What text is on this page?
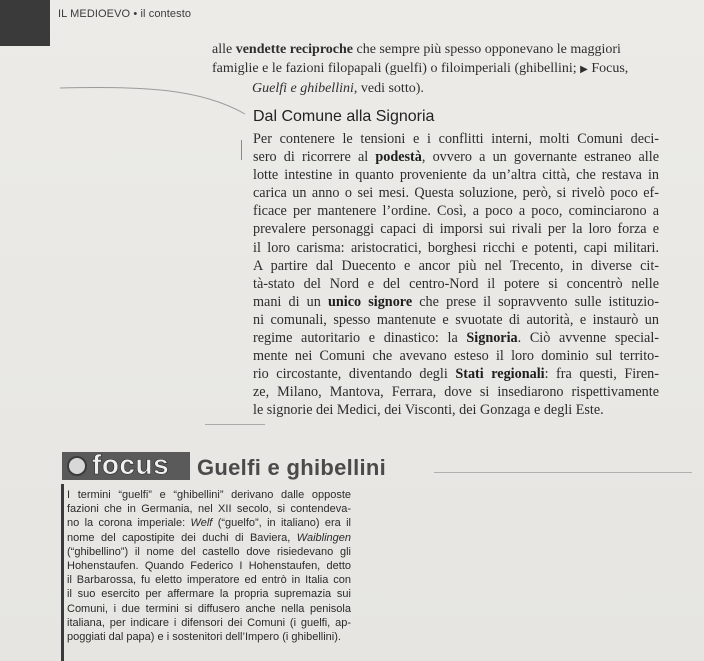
IL MEDIOEVO • il contesto
alle vendette reciproche che sempre più spesso opponevano le maggiori
famiglie e le fazioni filopapali (guelfi) o filoimperiali (ghibellini; ▶ Focus,
Guelfi e ghibellini, vedi sotto).
Dal Comune alla Signoria
Per contenere le tensioni e i conflitti interni, molti Comuni deci-
sero di ricorrere al podestà, ovvero a un governante estraneo alle
lotte intestine in quanto proveniente da un’altra città, che restava in
carica un anno o sei mesi. Questa soluzione, però, si rivelò poco ef-
ficace per mantenere l’ordine. Così, a poco a poco, cominciarono a
prevalere personaggi capaci di imporsi sui rivali per la loro forza e
il loro carisma: aristocratici, borghesi ricchi e potenti, capi militari.
A partire dal Duecento e ancor più nel Trecento, in diverse cit-
tà-stato del Nord e del centro-Nord il potere si concentrò nelle
mani di un unico signore che prese il sopravvento sulle istituzio-
ni comunali, spesso mantenute e svuotate di autorità, e instaurò un
regime autoritario e dinastico: la Signoria. Ciò avvenne special-
mente nei Comuni che avevano esteso il loro dominio sul territo-
rio circostante, diventando degli Stati regionali: fra questi, Firen-
ze, Milano, Mantova, Ferrara, dove si insediarono rispettivamente
le signorie dei Medici, dei Visconti, dei Gonzaga e degli Este.
focus Guelfi e ghibellini
I termini “guelfi” e “ghibellini” derivano dalle opposte
fazioni che in Germania, nel XII secolo, si contendeva-
no la corona imperiale: Welf (“guelfo”, in italiano) era il
nome del capostipite dei duchi di Baviera, Waiblingen
(“ghibellino”) il nome del castello dove risiedevano gli
Hohenstaufen. Quando Federico I Hohenstaufen, detto
il Barbarossa, fu eletto imperatore ed entrò in Italia con
il suo esercito per affermare la propria supremazia sui
Comuni, i due termini si diffusero anche nella penisola
italiana, per indicare i difensori dei Comuni (i guelfi, ap-
poggiati dal papa) e i sostenitori dell’Impero (i ghibellini).
